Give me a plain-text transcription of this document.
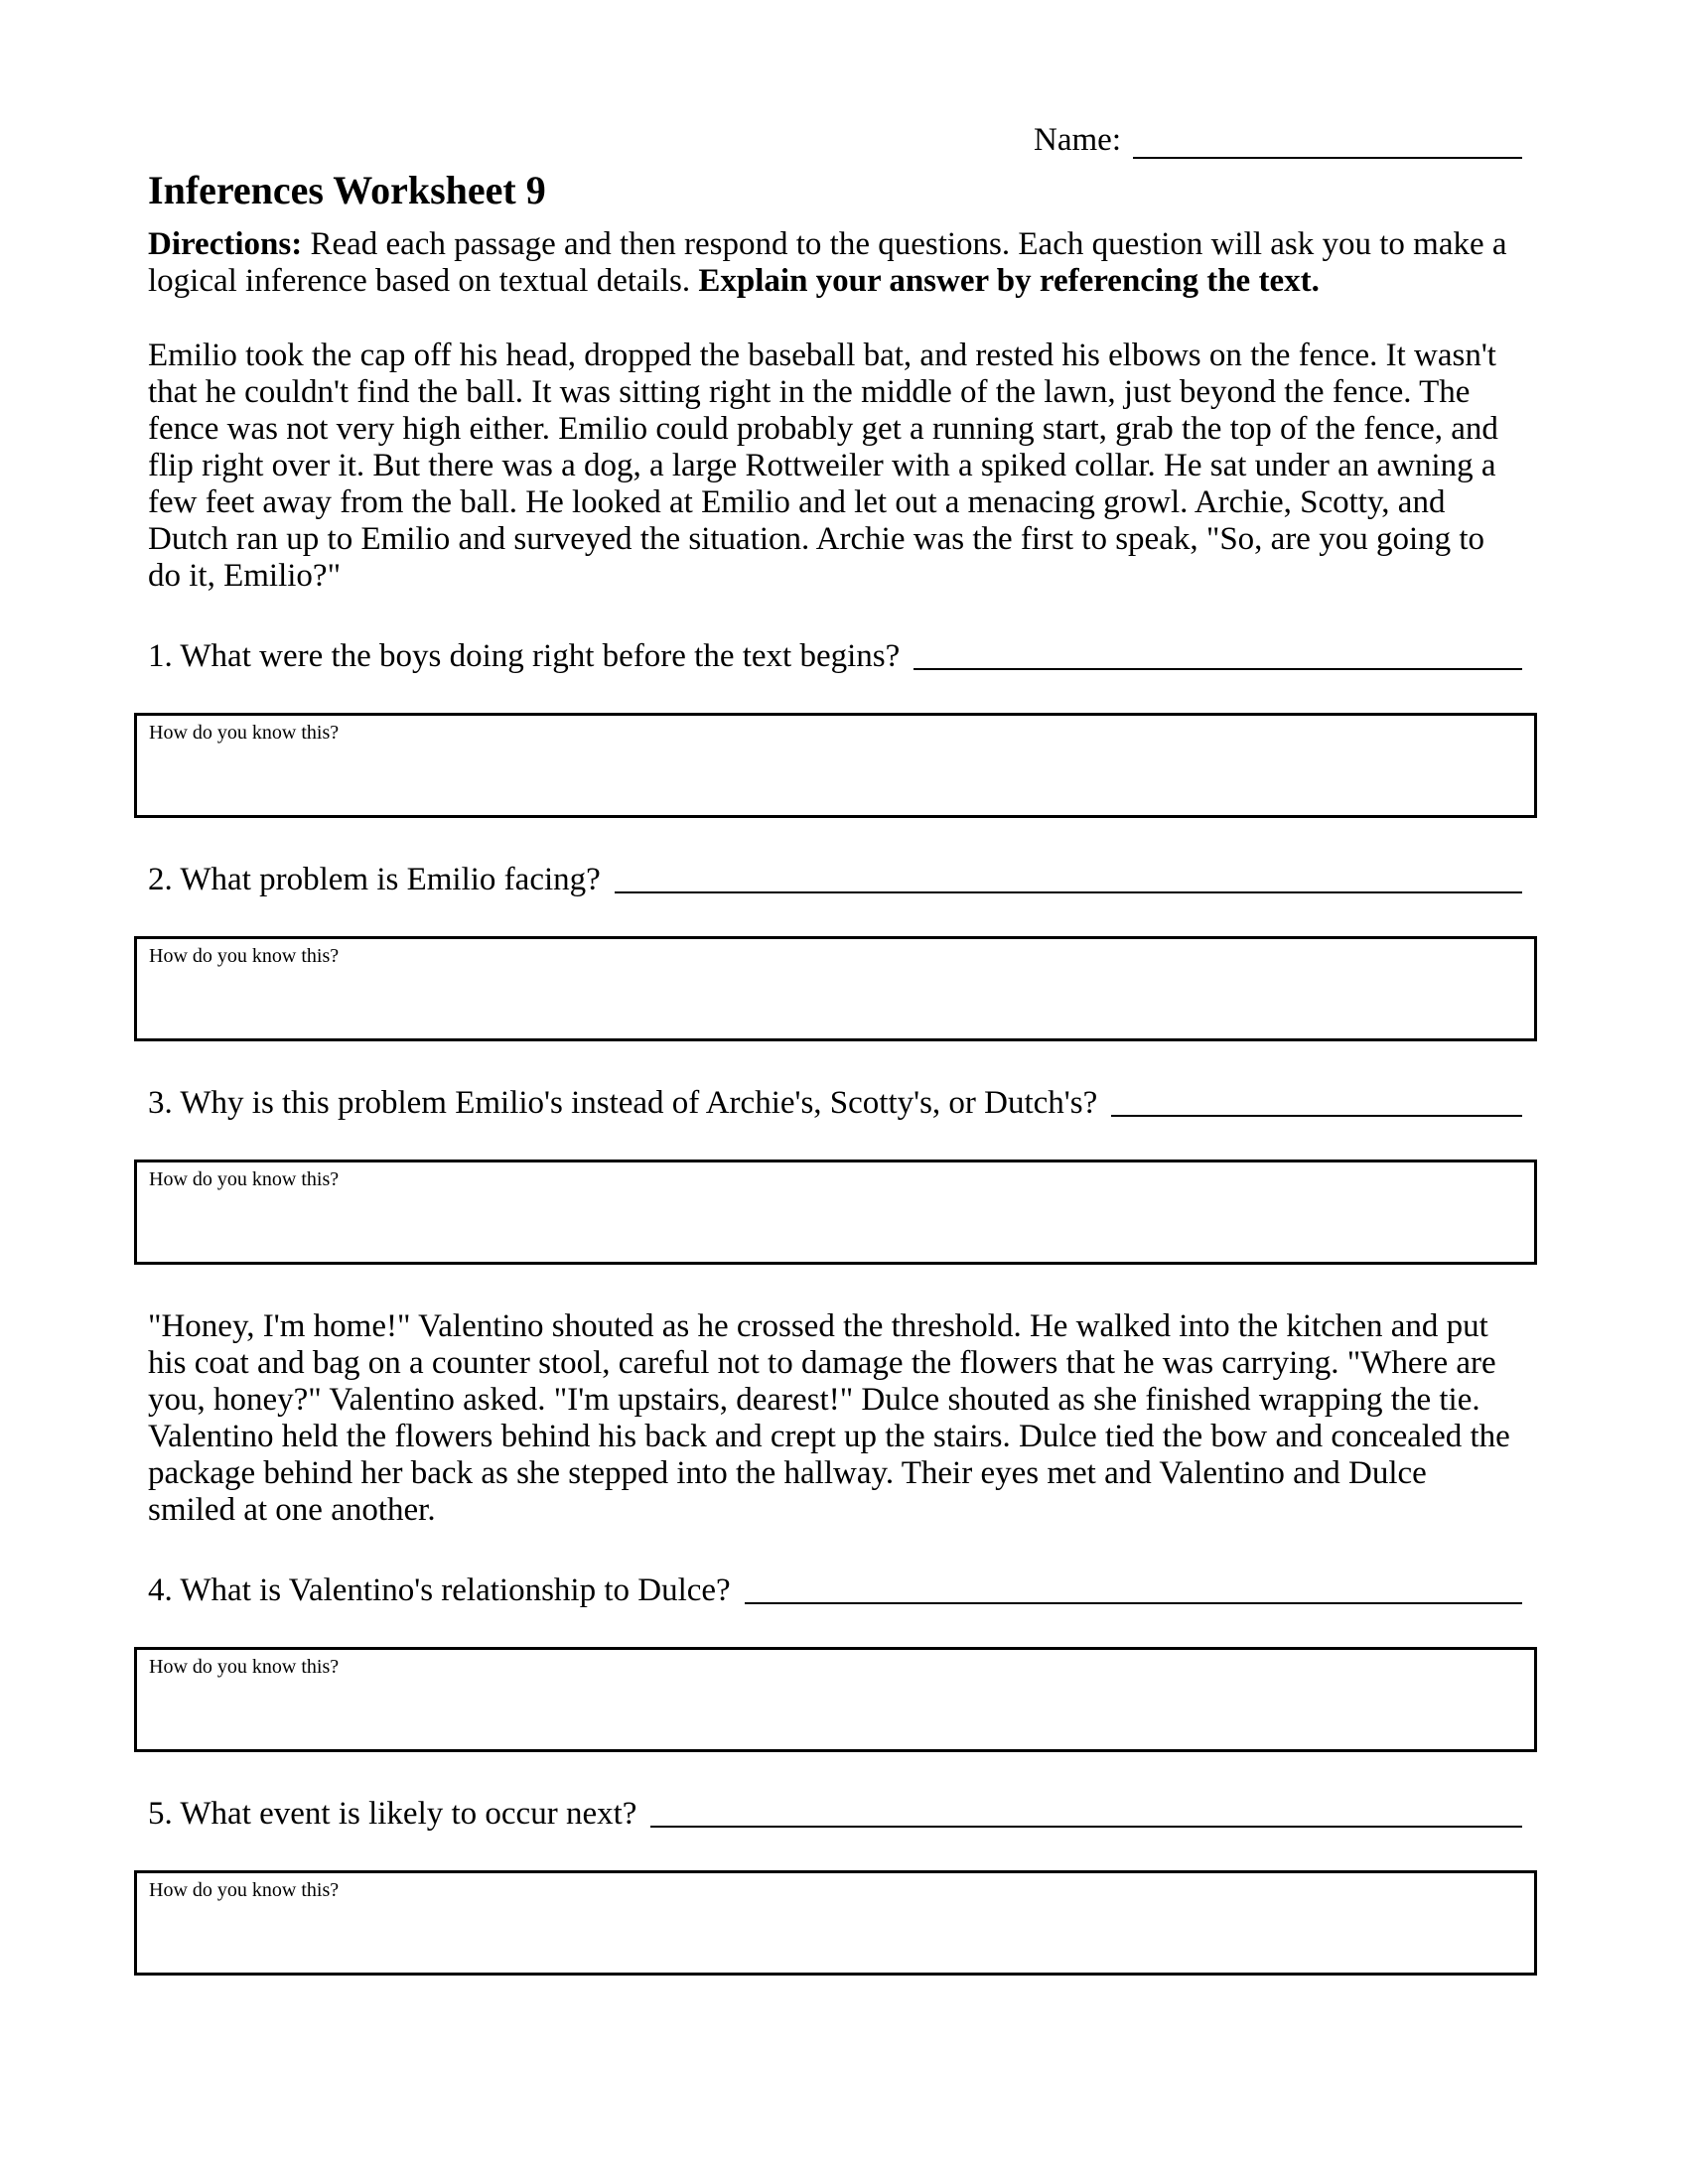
Name:
Inferences Worksheet 9

Directions: Read each passage and then respond to the questions. Each question will ask you to make a logical inference based on textual details. Explain your answer by referencing the text.

Emilio took the cap off his head, dropped the baseball bat, and rested his elbows on the fence. It wasn't that he couldn't find the ball. It was sitting right in the middle of the lawn, just beyond the fence. The fence was not very high either. Emilio could probably get a running start, grab the top of the fence, and flip right over it. But there was a dog, a large Rottweiler with a spiked collar. He sat under an awning a few feet away from the ball. He looked at Emilio and let out a menacing growl. Archie, Scotty, and Dutch ran up to Emilio and surveyed the situation. Archie was the first to speak, "So, are you going to do it, Emilio?"

1. What were the boys doing right before the text begins?
How do you know this?
2. What problem is Emilio facing?
How do you know this?
3. Why is this problem Emilio's instead of Archie's, Scotty's, or Dutch's?
How do you know this?

"Honey, I'm home!" Valentino shouted as he crossed the threshold. He walked into the kitchen and put his coat and bag on a counter stool, careful not to damage the flowers that he was carrying. "Where are you, honey?" Valentino asked. "I'm upstairs, dearest!" Dulce shouted as she finished wrapping the tie. Valentino held the flowers behind his back and crept up the stairs. Dulce tied the bow and concealed the package behind her back as she stepped into the hallway. Their eyes met and Valentino and Dulce smiled at one another.

4. What is Valentino's relationship to Dulce?
How do you know this?
5. What event is likely to occur next?
How do you know this?
